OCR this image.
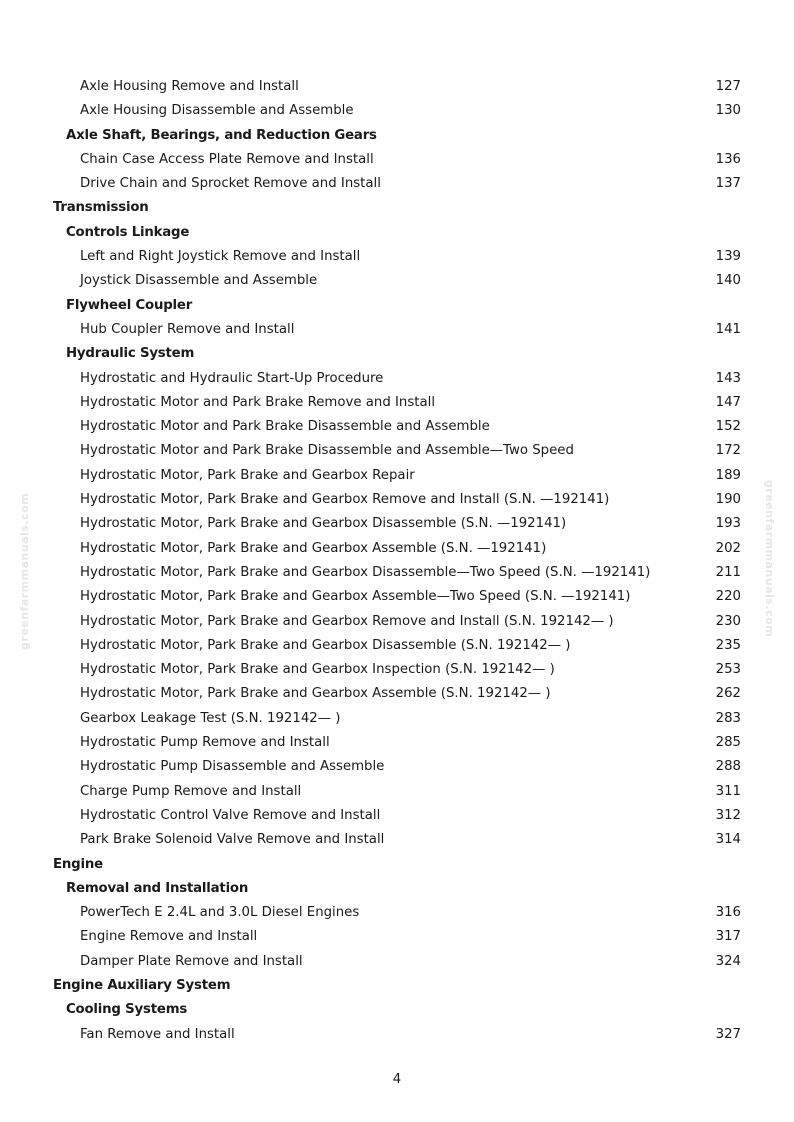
greenfarmmanuals.com	greenfarmmanuals.com
Axle Housing Remove and Install	127
Axle Housing Disassemble and Assemble	130
Axle Shaft, Bearings, and Reduction Gears
Chain Case Access Plate Remove and Install	136
Drive Chain and Sprocket Remove and Install	137
Transmission
Controls Linkage
Left and Right Joystick Remove and Install	139
Joystick Disassemble and Assemble	140
Flywheel Coupler
Hub Coupler Remove and Install	141
Hydraulic System
Hydrostatic and Hydraulic Start-Up Procedure	143
Hydrostatic Motor and Park Brake Remove and Install	147
Hydrostatic Motor and Park Brake Disassemble and Assemble	152
Hydrostatic Motor and Park Brake Disassemble and Assemble—Two Speed	172
Hydrostatic Motor, Park Brake and Gearbox Repair	189
Hydrostatic Motor, Park Brake and Gearbox Remove and Install (S.N. —192141)	190
Hydrostatic Motor, Park Brake and Gearbox Disassemble (S.N. —192141)	193
Hydrostatic Motor, Park Brake and Gearbox Assemble (S.N. —192141)	202
Hydrostatic Motor, Park Brake and Gearbox Disassemble—Two Speed (S.N. —192141)	211
Hydrostatic Motor, Park Brake and Gearbox Assemble—Two Speed (S.N. —192141)	220
Hydrostatic Motor, Park Brake and Gearbox Remove and Install (S.N. 192142— )	230
Hydrostatic Motor, Park Brake and Gearbox Disassemble (S.N. 192142— )	235
Hydrostatic Motor, Park Brake and Gearbox Inspection (S.N. 192142— )	253
Hydrostatic Motor, Park Brake and Gearbox Assemble (S.N. 192142— )	262
Gearbox Leakage Test (S.N. 192142— )	283
Hydrostatic Pump Remove and Install	285
Hydrostatic Pump Disassemble and Assemble	288
Charge Pump Remove and Install	311
Hydrostatic Control Valve Remove and Install	312
Park Brake Solenoid Valve Remove and Install	314
Engine
Removal and Installation
PowerTech E 2.4L and 3.0L Diesel Engines	316
Engine Remove and Install	317
Damper Plate Remove and Install	324
Engine Auxiliary System
Cooling Systems
Fan Remove and Install	327
4
